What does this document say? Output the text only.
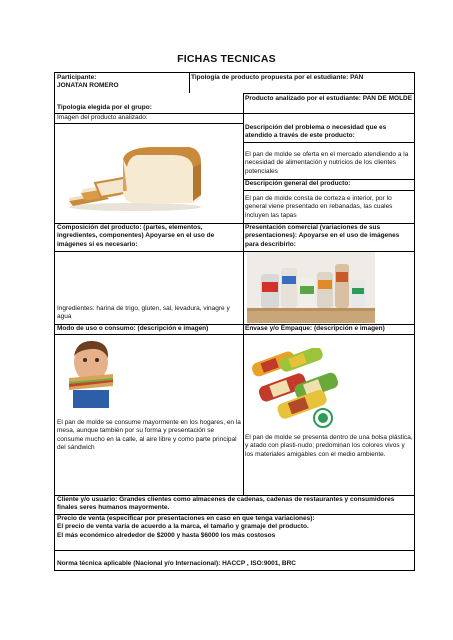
FICHAS TECNICAS
Participante:
JONATAN ROMERO
Tipología de producto propuesta por el estudiante: PAN
Tipología elegida por el grupo:
Producto analizado por el estudiante: PAN DE MOLDE
Imagen del producto analizado:
Descripción del problema o necesidad que es atendido a través de este producto:
El pan de molde se oferta en el mercado atendiendo a la necesidad de alimentación y nutricios de los clientes potenciales
Descripción general del producto:
El pan de molde consta de corteza e interior, por lo general viene presentado en rebanadas, las cuales incluyen las tapas
Composición del producto: (partes, elementos, ingredientes, componentes) Apoyarse en el uso de imágenes si es necesario:
Presentación comercial (variaciones de sus presentaciones): Apoyarse en el uso de imágenes para describirlo:
Ingredientes: harina de trigo, gluten, sal, levadura, vinagre y agua
Modo de uso o consumo: (descripción e imagen)	Envase y/o Empaque: (descripción e imagen)
El pan de molde se consume mayormente en los hogares, en la mesa, aunque también por su forma y presentación se consume mucho en la calle, al aire libre y como parte principal del sándwich
El pan de molde se presenta dentro de una bolsa plástica, y atado con plasti-nudo; predominan los colores vivos y los materiales amigables con el medio ambiente.
Cliente y/o usuario: Grandes clientes como almacenes de cadenas, cadenas de restaurantes y consumidores finales seres humanos mayormente.
Precio de venta (especificar por presentaciones en caso en que tenga variaciones):
El precio de venta varía de acuerdo a la marca, el tamaño y gramaje del producto.
El más económico alrededor de $2000 y hasta $6000 los más costosos
Norma técnica aplicable (Nacional y/o Internacional): HACCP , ISO:9001, BRC
